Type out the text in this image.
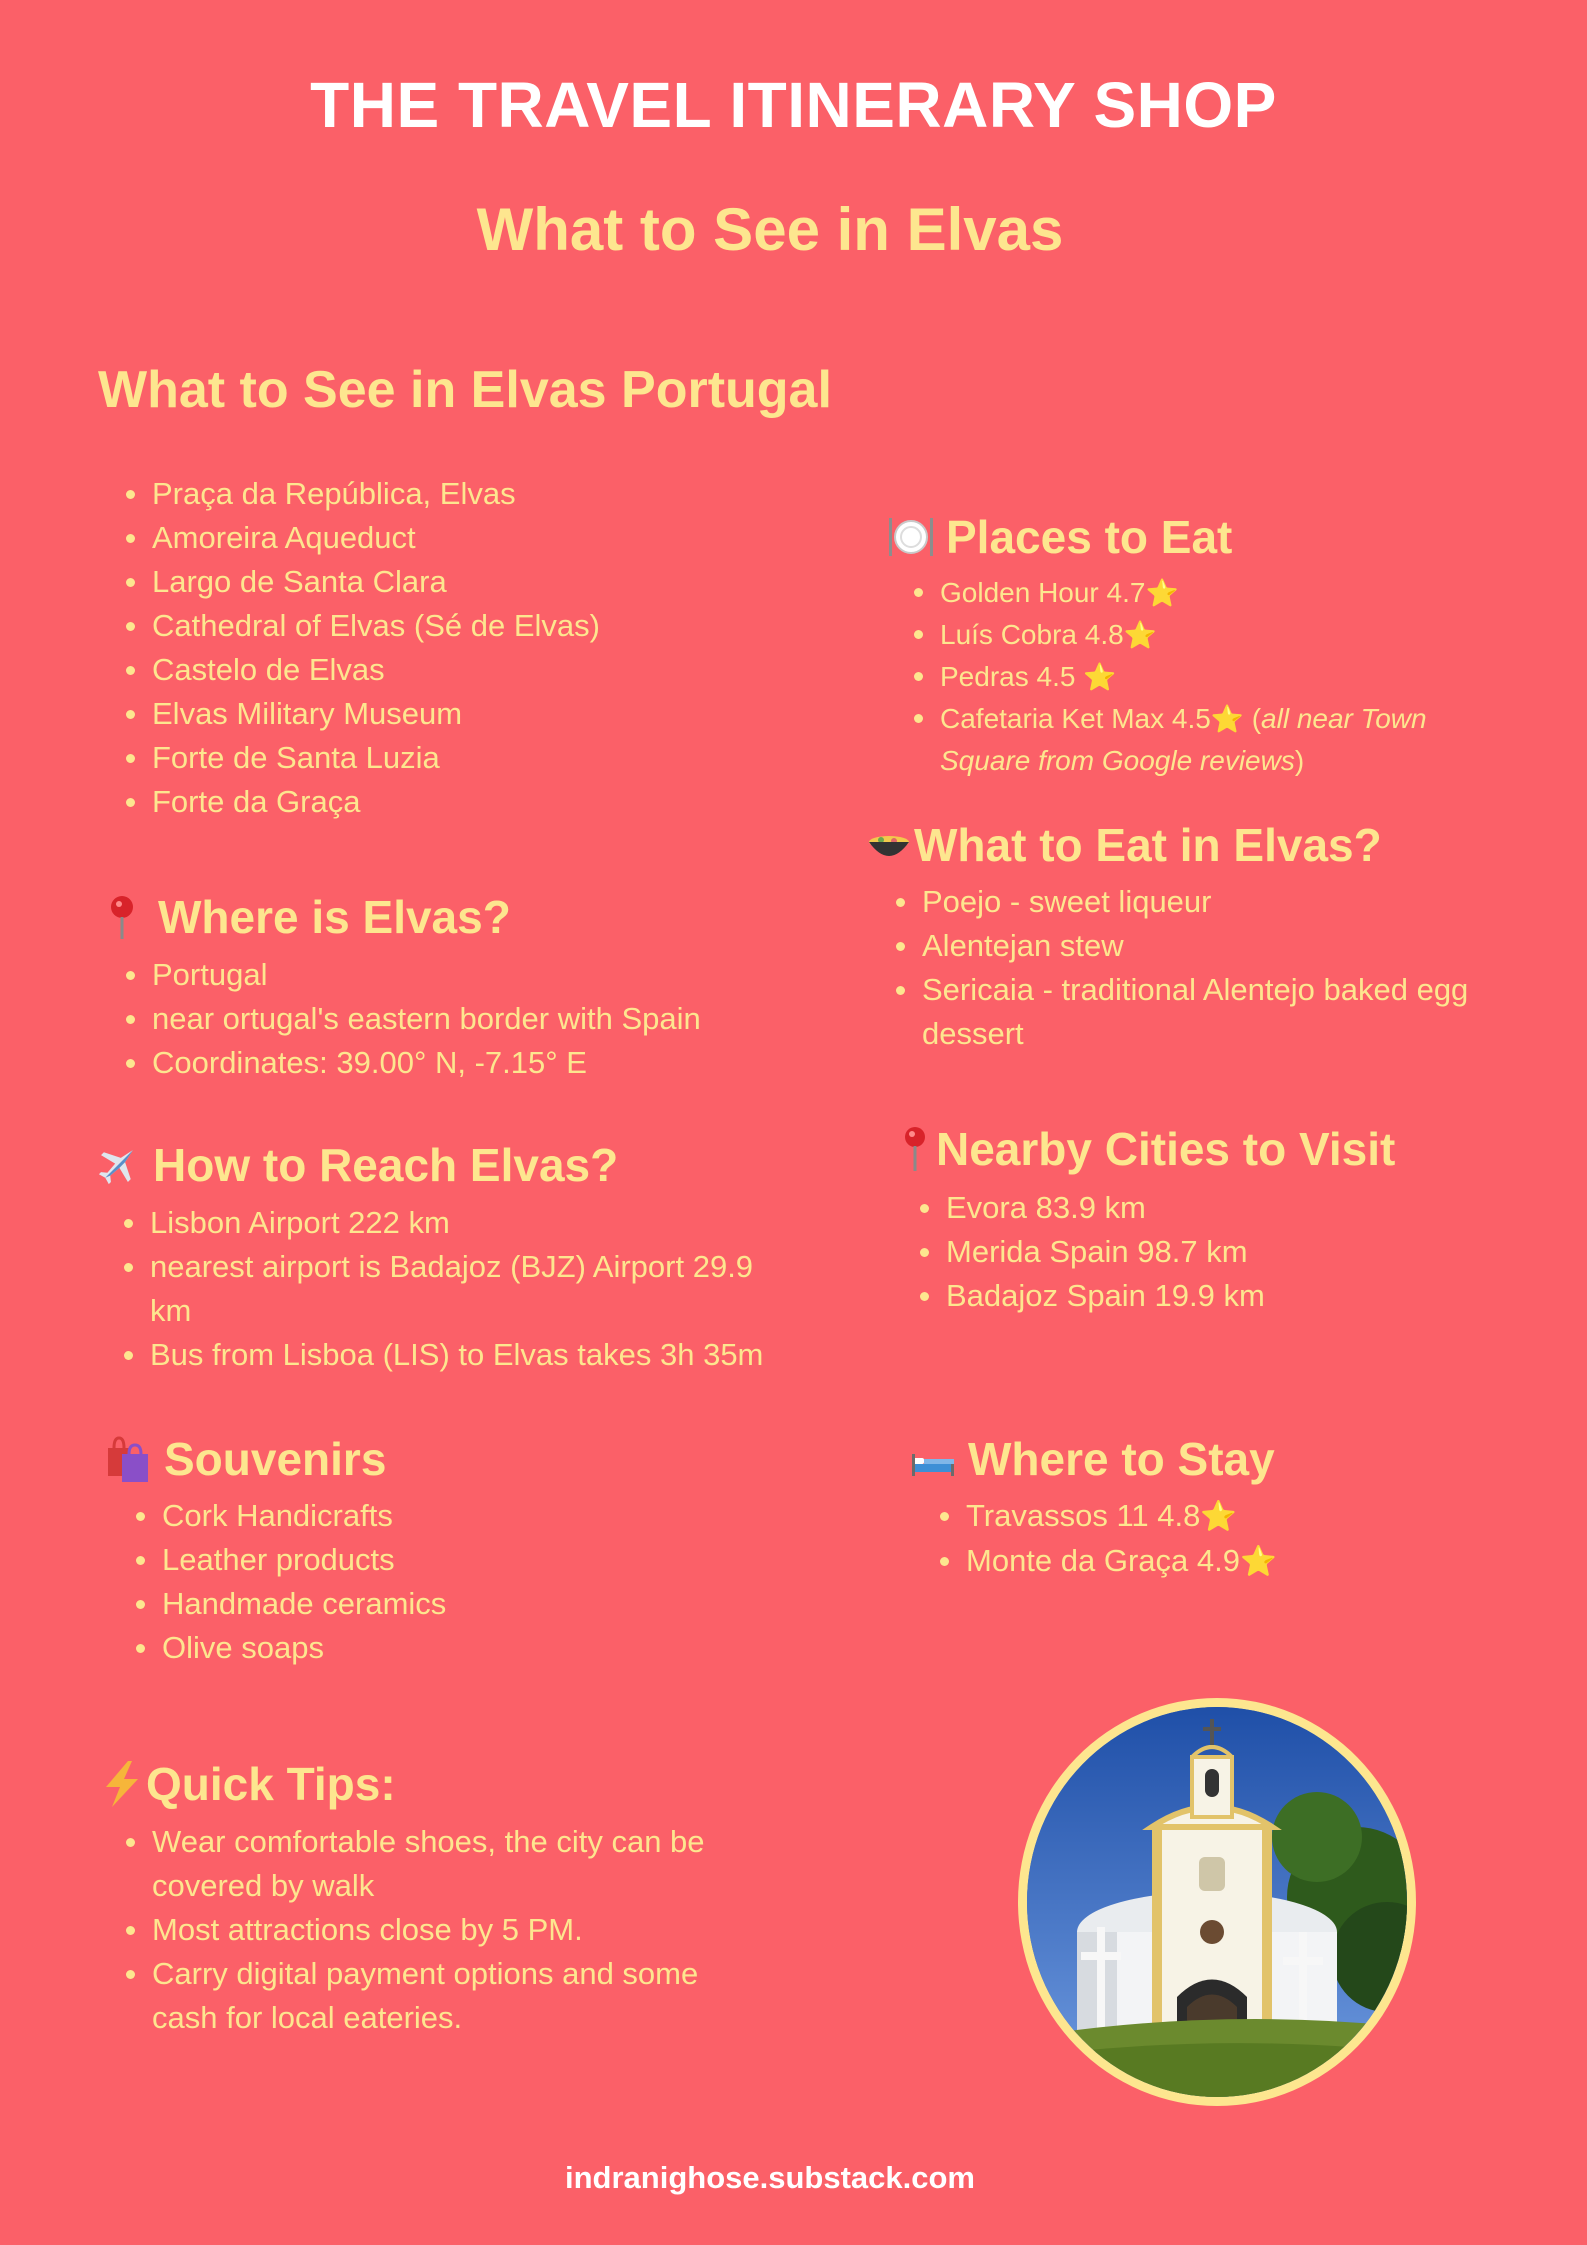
THE TRAVEL ITINERARY SHOP
What to See in Elvas
What to See in Elvas Portugal
Praça da República, Elvas
Amoreira Aqueduct
Largo de Santa Clara
Cathedral of Elvas (Sé de Elvas)
Castelo de Elvas
Elvas Military Museum
Forte de Santa Luzia
Forte da Graça
Where is Elvas?
Portugal
near ortugal's eastern border with Spain
Coordinates: 39.00° N, -7.15° E
How to Reach Elvas?
Lisbon Airport 222 km
nearest airport is Badajoz (BJZ) Airport 29.9 km
Bus from Lisboa (LIS) to Elvas takes 3h 35m
Souvenirs
Cork Handicrafts
Leather products
Handmade ceramics
Olive soaps
Quick Tips:
Wear comfortable shoes, the city can be covered by walk
Most attractions close by 5 PM.
Carry digital payment options and some cash for local eateries.
Places to Eat
Golden Hour 4.7⭐
Luís Cobra 4.8⭐
Pedras 4.5 ⭐
Cafetaria Ket Max 4.5⭐ (all near Town Square from Google reviews)
What to Eat in Elvas?
Poejo - sweet liqueur
Alentejan stew
Sericaia - traditional Alentejo baked egg dessert
Nearby Cities to Visit
Evora 83.9 km
Merida Spain 98.7 km
Badajoz Spain 19.9 km
Where to Stay
Travassos 11 4.8⭐
Monte da Graça 4.9⭐
indranighose.substack.com
